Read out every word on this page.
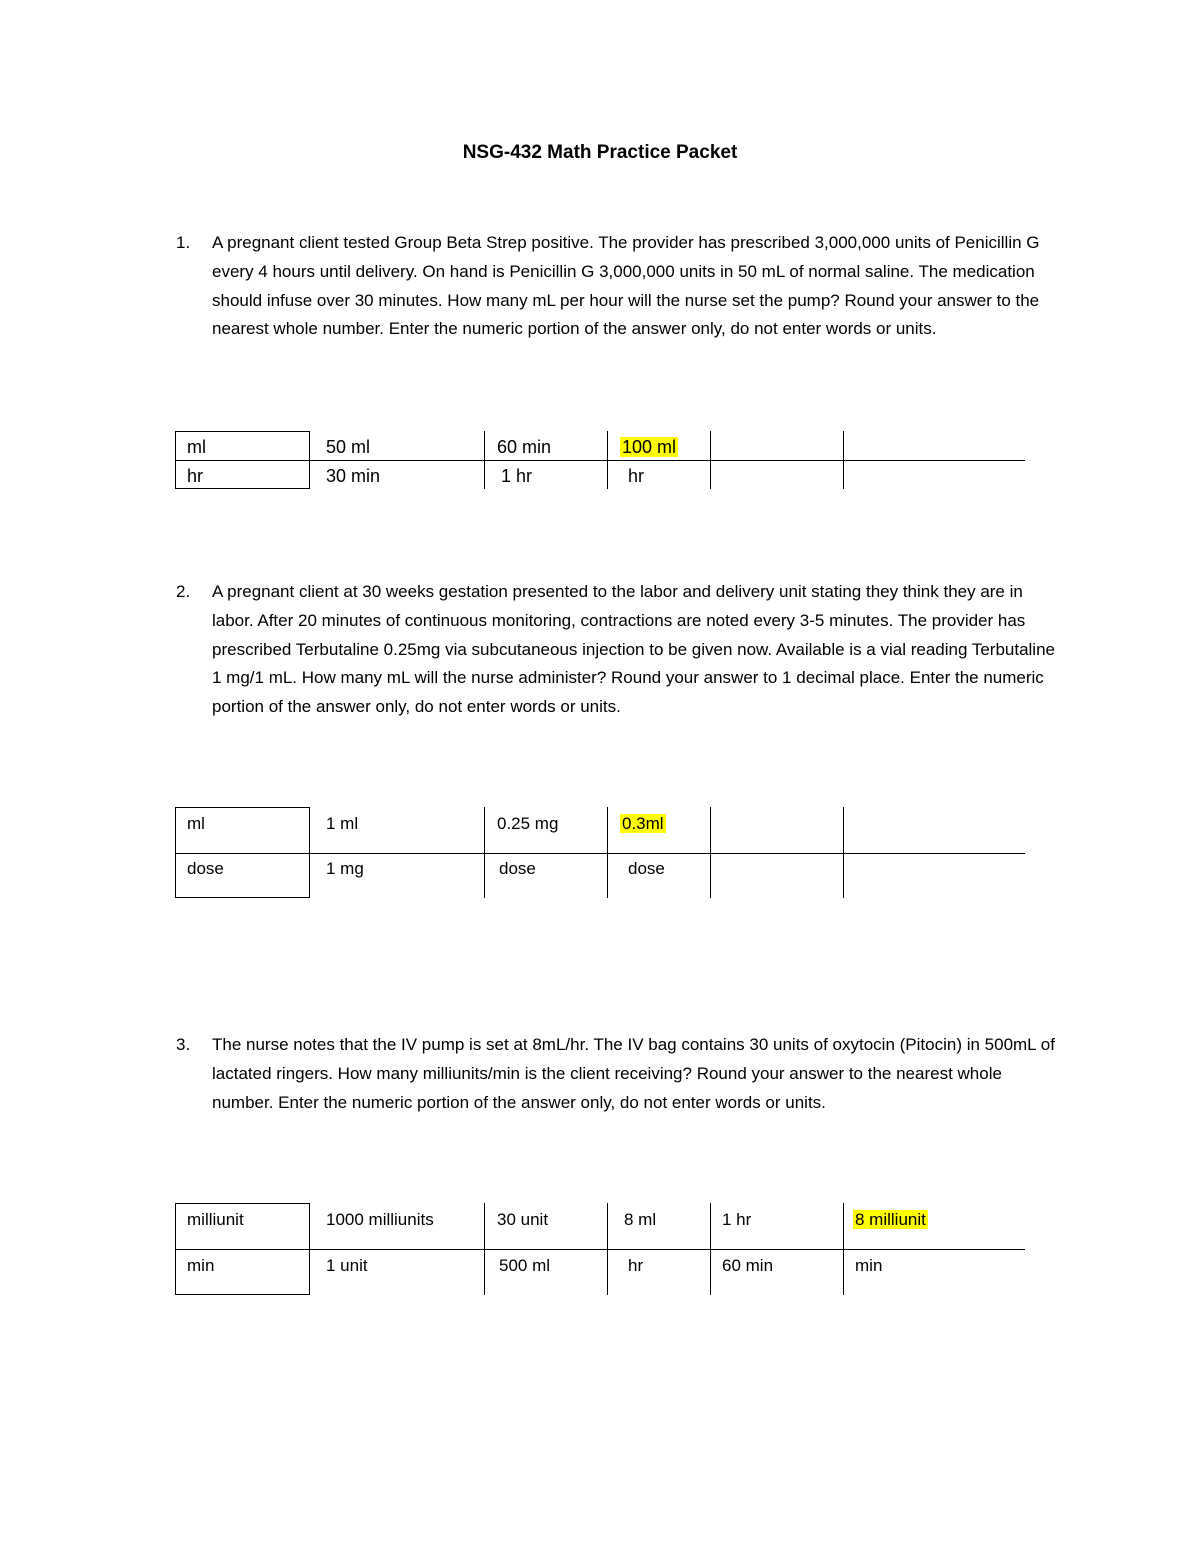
NSG-432 Math Practice Packet
1. A pregnant client tested Group Beta Strep positive. The provider has prescribed 3,000,000 units of Penicillin G every 4 hours until delivery. On hand is Penicillin G 3,000,000 units in 50 mL of normal saline. The medication should infuse over 30 minutes. How many mL per hour will the nurse set the pump? Round your answer to the nearest whole number. Enter the numeric portion of the answer only, do not enter words or units.
ml	50 ml	60 min	100 ml
hr	30 min	1 hr	hr
2. A pregnant client at 30 weeks gestation presented to the labor and delivery unit stating they think they are in labor. After 20 minutes of continuous monitoring, contractions are noted every 3-5 minutes. The provider has prescribed Terbutaline 0.25mg via subcutaneous injection to be given now. Available is a vial reading Terbutaline 1 mg/1 mL. How many mL will the nurse administer? Round your answer to 1 decimal place. Enter the numeric portion of the answer only, do not enter words or units.
ml	1 ml	0.25 mg	0.3ml
dose	1 mg	dose	dose
3. The nurse notes that the IV pump is set at 8mL/hr. The IV bag contains 30 units of oxytocin (Pitocin) in 500mL of lactated ringers. How many milliunits/min is the client receiving? Round your answer to the nearest whole number. Enter the numeric portion of the answer only, do not enter words or units.
milliunit	1000 milliunits	30 unit	8 ml	1 hr	8 milliunit
min	1 unit	500 ml	hr	60 min	min
